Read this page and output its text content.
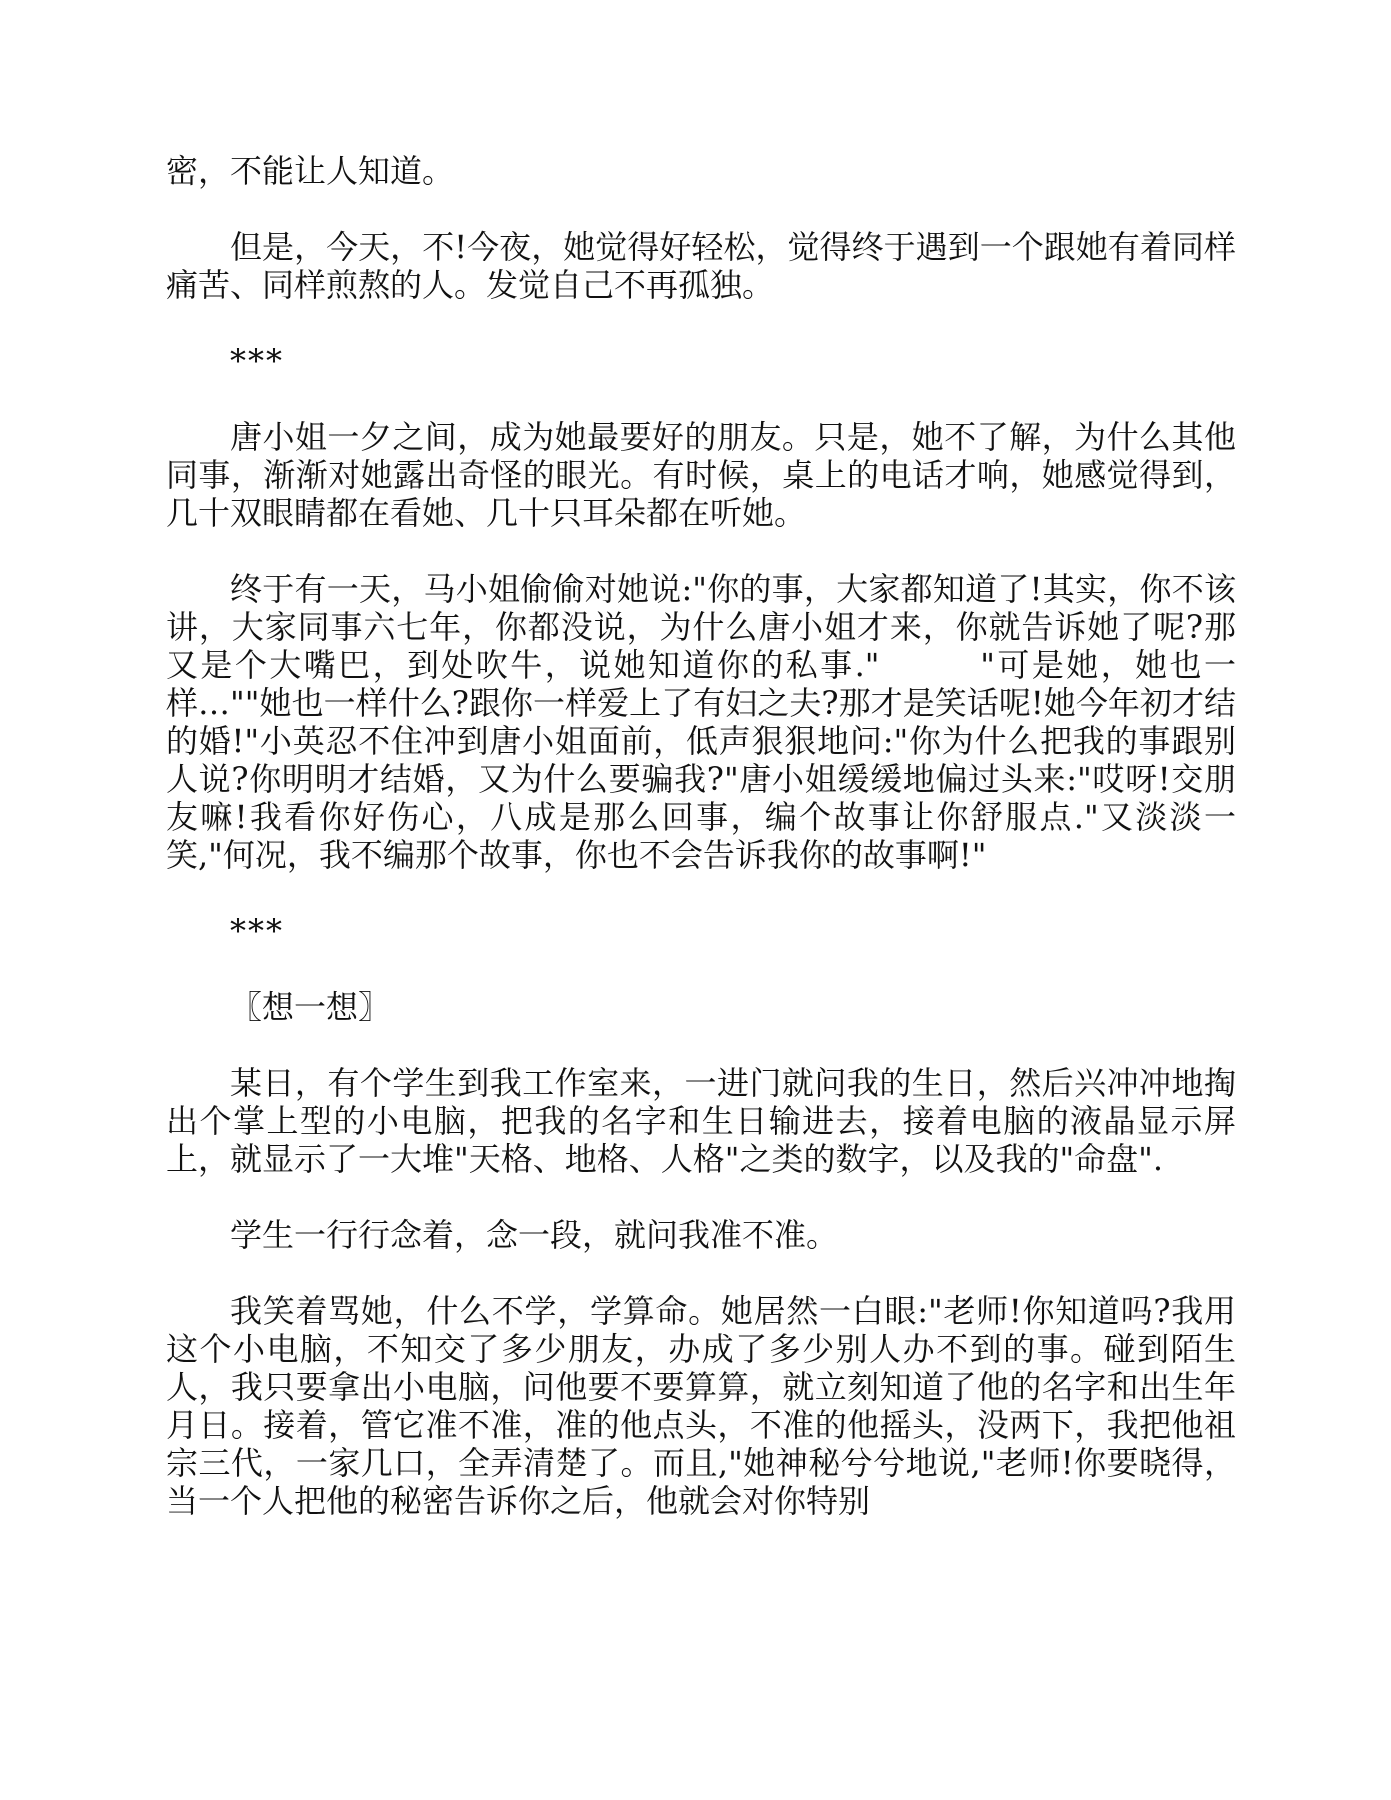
密，不能让人知道。

但是，今天，不!今夜，她觉得好轻松，觉得终于遇到一个跟她有着同样痛苦、同样煎熬的人。发觉自己不再孤独。

***

唐小姐一夕之间，成为她最要好的朋友。只是，她不了解，为什么其他同事，渐渐对她露出奇怪的眼光。有时候，桌上的电话才响，她感觉得到，几十双眼睛都在看她、几十只耳朵都在听她。

终于有一天，马小姐偷偷对她说:"你的事，大家都知道了!其实，你不该讲，大家同事六七年，你都没说，为什么唐小姐才来，你就告诉她了呢?那又是个大嘴巴，到处吹牛，说她知道你的私事."        "可是她，她也一样…""她也一样什么?跟你一样爱上了有妇之夫?那才是笑话呢!她今年初才结的婚!"小英忍不住冲到唐小姐面前，低声狠狠地问:"你为什么把我的事跟别人说?你明明才结婚，又为什么要骗我?"唐小姐缓缓地偏过头来:"哎呀!交朋友嘛!我看你好伤心，八成是那么回事，编个故事让你舒服点."又淡淡一笑,"何况，我不编那个故事，你也不会告诉我你的故事啊!"

***

〖想一想〗

某日，有个学生到我工作室来，一进门就问我的生日，然后兴冲冲地掏出个掌上型的小电脑，把我的名字和生日输进去，接着电脑的液晶显示屏上，就显示了一大堆"天格、地格、人格"之类的数字，以及我的"命盘".

学生一行行念着，念一段，就问我准不准。

我笑着骂她，什么不学，学算命。她居然一白眼:"老师!你知道吗?我用这个小电脑，不知交了多少朋友，办成了多少别人办不到的事。碰到陌生人，我只要拿出小电脑，问他要不要算算，就立刻知道了他的名字和出生年月日。接着，管它准不准，准的他点头，不准的他摇头，没两下，我把他祖宗三代，一家几口，全弄清楚了。而且,"她神秘兮兮地说,"老师!你要晓得，当一个人把他的秘密告诉你之后，他就会对你特别
